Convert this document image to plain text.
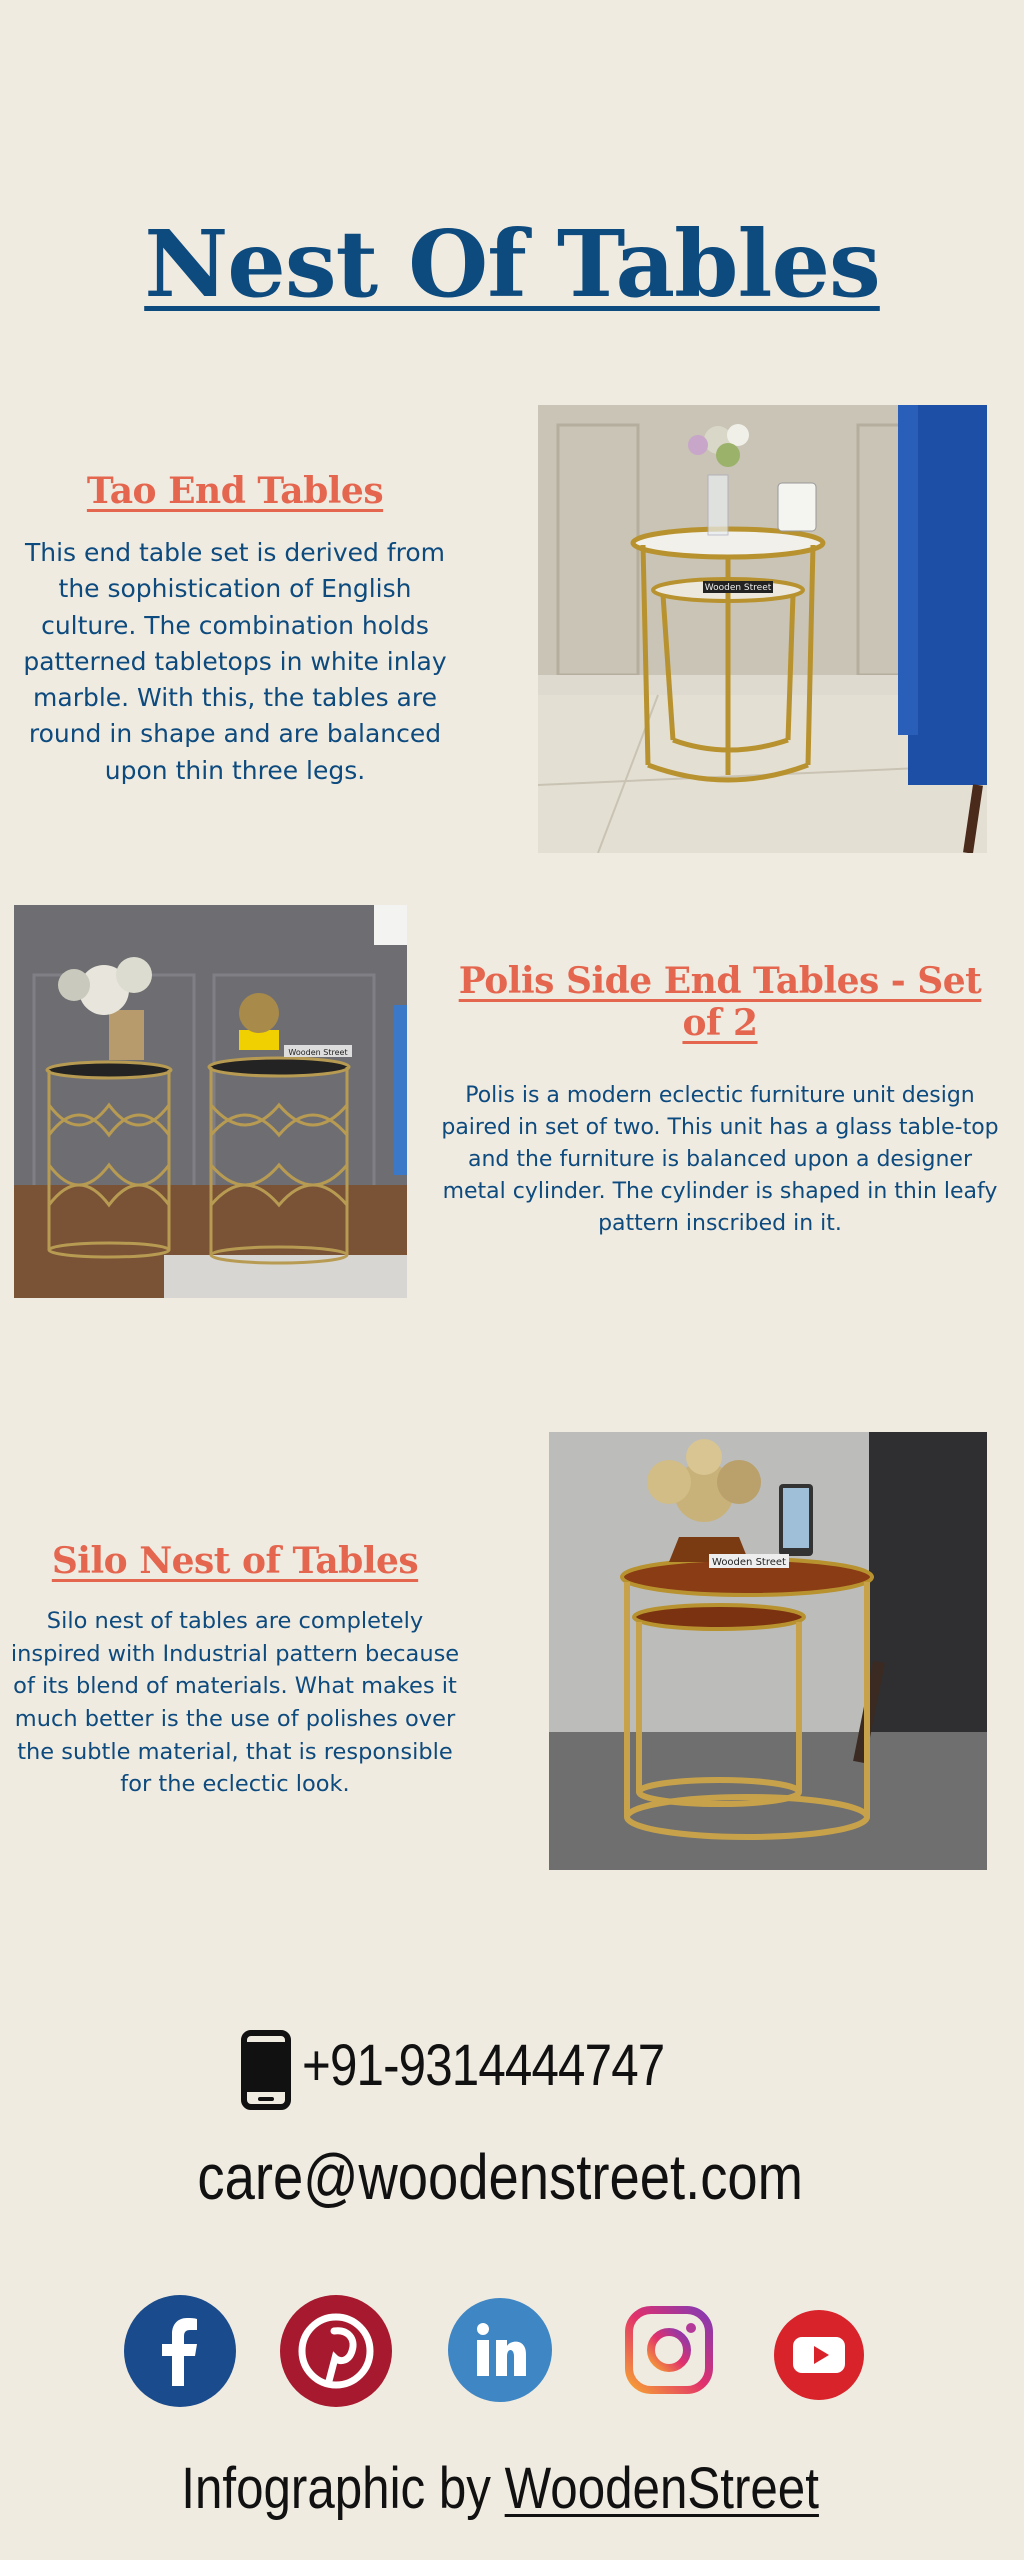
Nest Of Tables
Tao End Tables
This end table set is derived from the sophistication of English culture. The combination holds patterned tabletops in white inlay marble. With this, the tables are round in shape and are balanced upon thin three legs.
Wooden Street
Wooden Street
Polis Side End Tables - Set of 2
Polis is a modern eclectic furniture unit design paired in set of two. This unit has a glass table-top and the furniture is balanced upon a designer metal cylinder. The cylinder is shaped in thin leafy pattern inscribed in it.
Silo Nest of Tables
Silo nest of tables are completely inspired with Industrial pattern because of its blend of materials. What makes it much better is the use of polishes over the subtle material, that is responsible for the eclectic look.
Wooden Street
+91-9314444747
care@woodenstreet.com
Infographic by WoodenStreet
